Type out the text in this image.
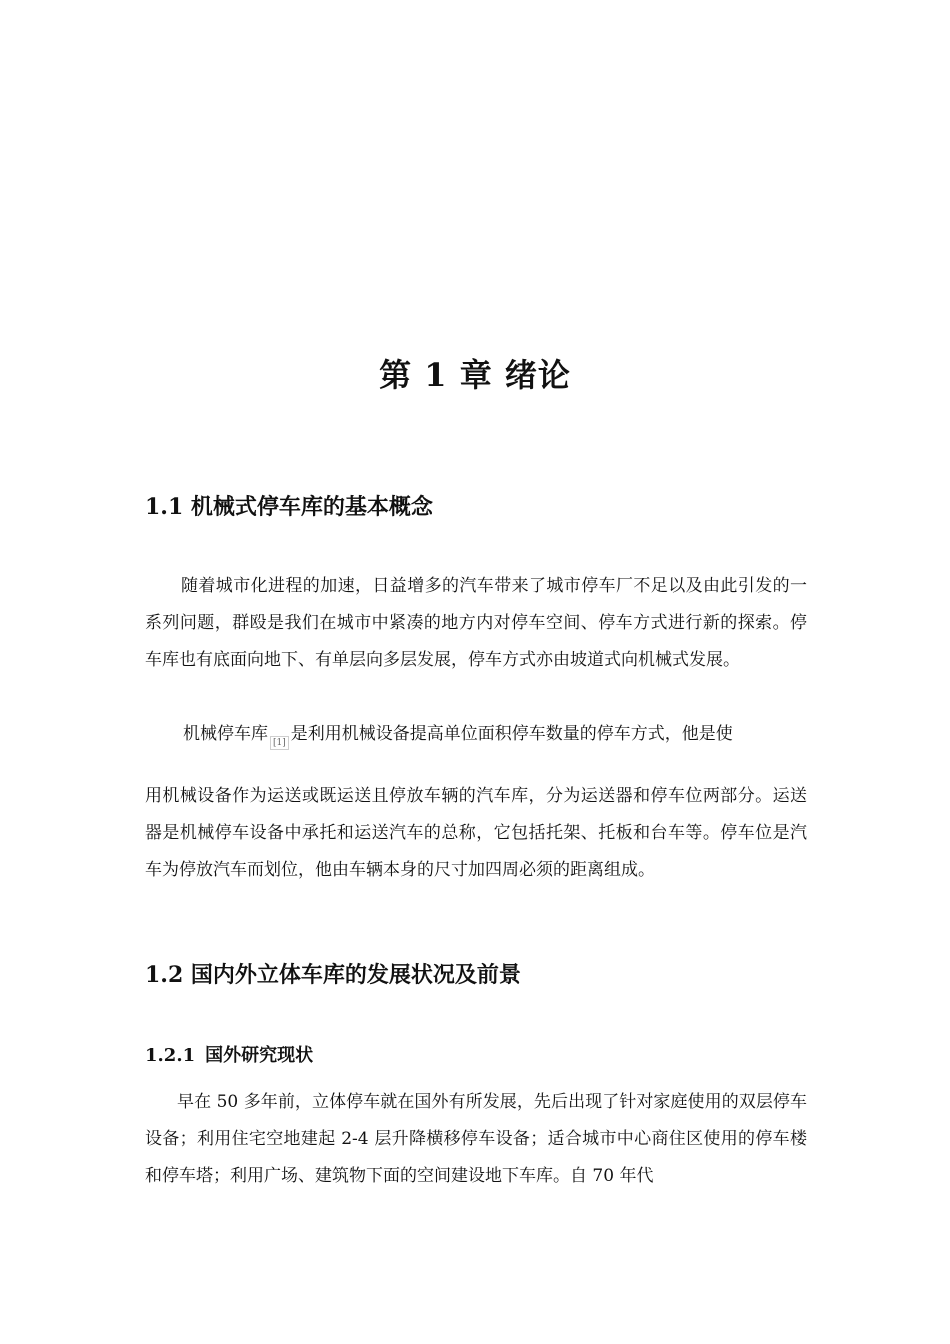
第 1 章 绪论
1.1 机械式停车库的基本概念
随着城市化进程的加速，日益增多的汽车带来了城市停车厂不足以及由此引发的一系列问题，群殴是我们在城市中紧凑的地方内对停车空间、停车方式进行新的探索。停车库也有底面向地下、有单层向多层发展，停车方式亦由坡道式向机械式发展。
机械停车库 [1] 是利用机械设备提高单位面积停车数量的停车方式，他是使
用机械设备作为运送或既运送且停放车辆的汽车库，分为运送器和停车位两部分。运送器是机械停车设备中承托和运送汽车的总称，它包括托架、托板和台车等。停车位是汽车为停放汽车而划位，他由车辆本身的尺寸加四周必须的距离组成。
1.2 国内外立体车库的发展状况及前景
1.2.1 国外研究现状
早在 50 多年前，立体停车就在国外有所发展，先后出现了针对家庭使用的双层停车设备；利用住宅空地建起 2-4 层升降横移停车设备；适合城市中心商住区使用的停车楼和停车塔；利用广场、建筑物下面的空间建设地下车库。自 70 年代
